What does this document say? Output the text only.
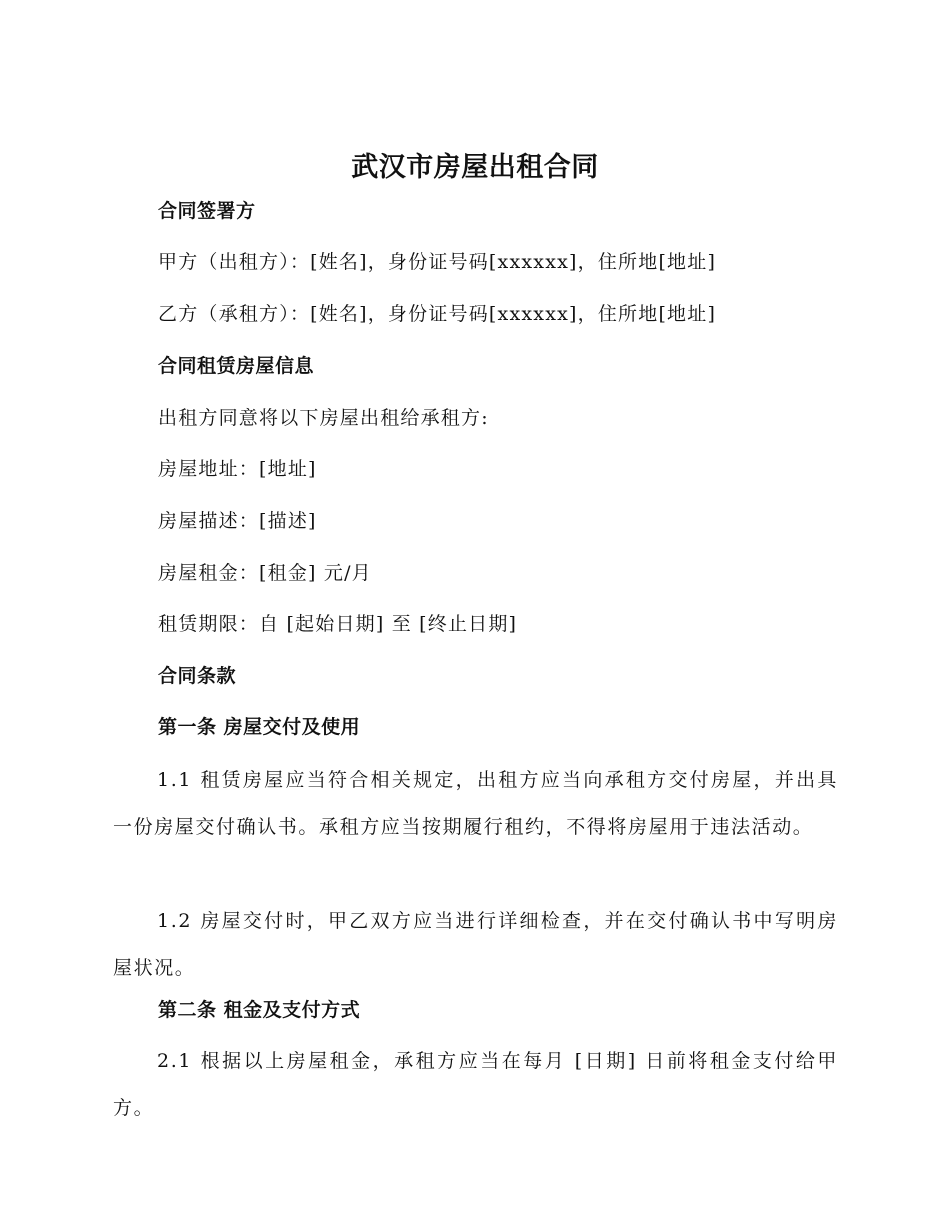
武汉市房屋出租合同
合同签署方
甲方（出租方）：[姓名]，身份证号码[xxxxxx]，住所地[地址]
乙方（承租方）：[姓名]，身份证号码[xxxxxx]，住所地[地址]
合同租赁房屋信息
出租方同意将以下房屋出租给承租方:
房屋地址：[地址]
房屋描述：[描述]
房屋租金：[租金] 元/月
租赁期限：自 [起始日期] 至 [终止日期]
合同条款
第一条 房屋交付及使用
1.1 租赁房屋应当符合相关规定，出租方应当向承租方交付房屋，并出具一份房屋交付确认书。承租方应当按期履行租约，不得将房屋用于违法活动。
1.2 房屋交付时，甲乙双方应当进行详细检查，并在交付确认书中写明房屋状况。
第二条 租金及支付方式
2.1 根据以上房屋租金，承租方应当在每月 [日期] 日前将租金支付给甲方。
